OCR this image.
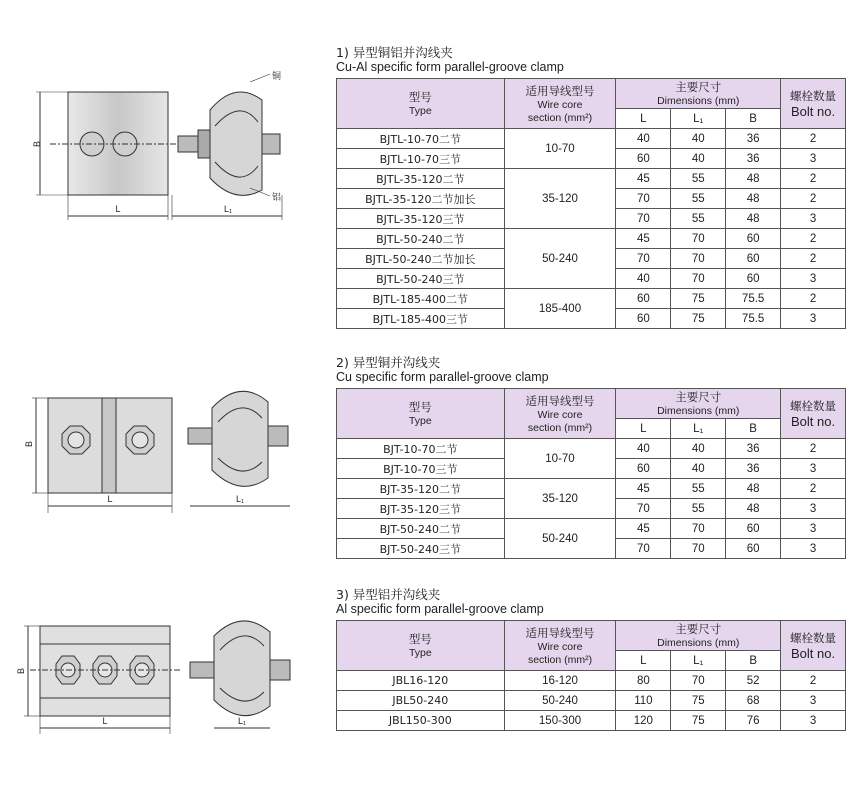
B
L	L₁
铜
铝
B
L	L₁
B
L	L₁

1) 异型铜铝并沟线夹

Cu-Al specific form parallel-groove clamp

型号
Type	适用导线型号
Wire core
section (mm²)	主要尺寸
Dimensions (mm)			螺栓数量
Bolt no.

		L	L₁	B	
BJTL-10-70二节	10-70	40	40	36	2
BJTL-10-70三节		60	40	36	3
BJTL-35-120二节	35-120	45	55	48	2
BJTL-35-120二节加长		70	55	48	2
BJTL-35-120三节		70	55	48	3
BJTL-50-240二节	50-240	45	70	60	2
BJTL-50-240二节加长		70	70	60	2
BJTL-50-240三节		40	70	60	3
BJTL-185-400二节	185-400	60	75	75.5	2
BJTL-185-400三节		60	75	75.5	3

2) 异型铜并沟线夹

Cu specific form parallel-groove clamp

型号
Type	适用导线型号
Wire core
section (mm²)	主要尺寸
Dimensions (mm)			螺栓数量
Bolt no.

		L	L₁	B	
BJT-10-70二节	10-70	40	40	36	2
BJT-10-70三节		60	40	36	3
BJT-35-120二节	35-120	45	55	48	2
BJT-35-120三节		70	55	48	3
BJT-50-240二节	50-240	45	70	60	3
BJT-50-240三节		70	70	60	3

3) 异型铝并沟线夹

Al specific form parallel-groove clamp

型号
Type	适用导线型号
Wire core
section (mm²)	主要尺寸
Dimensions (mm)			螺栓数量
Bolt no.

		L	L₁	B	
JBL16-120	16-120	80	70	52	2
JBL50-240	50-240	110	75	68	3
JBL150-300	150-300	120	75	76	3
